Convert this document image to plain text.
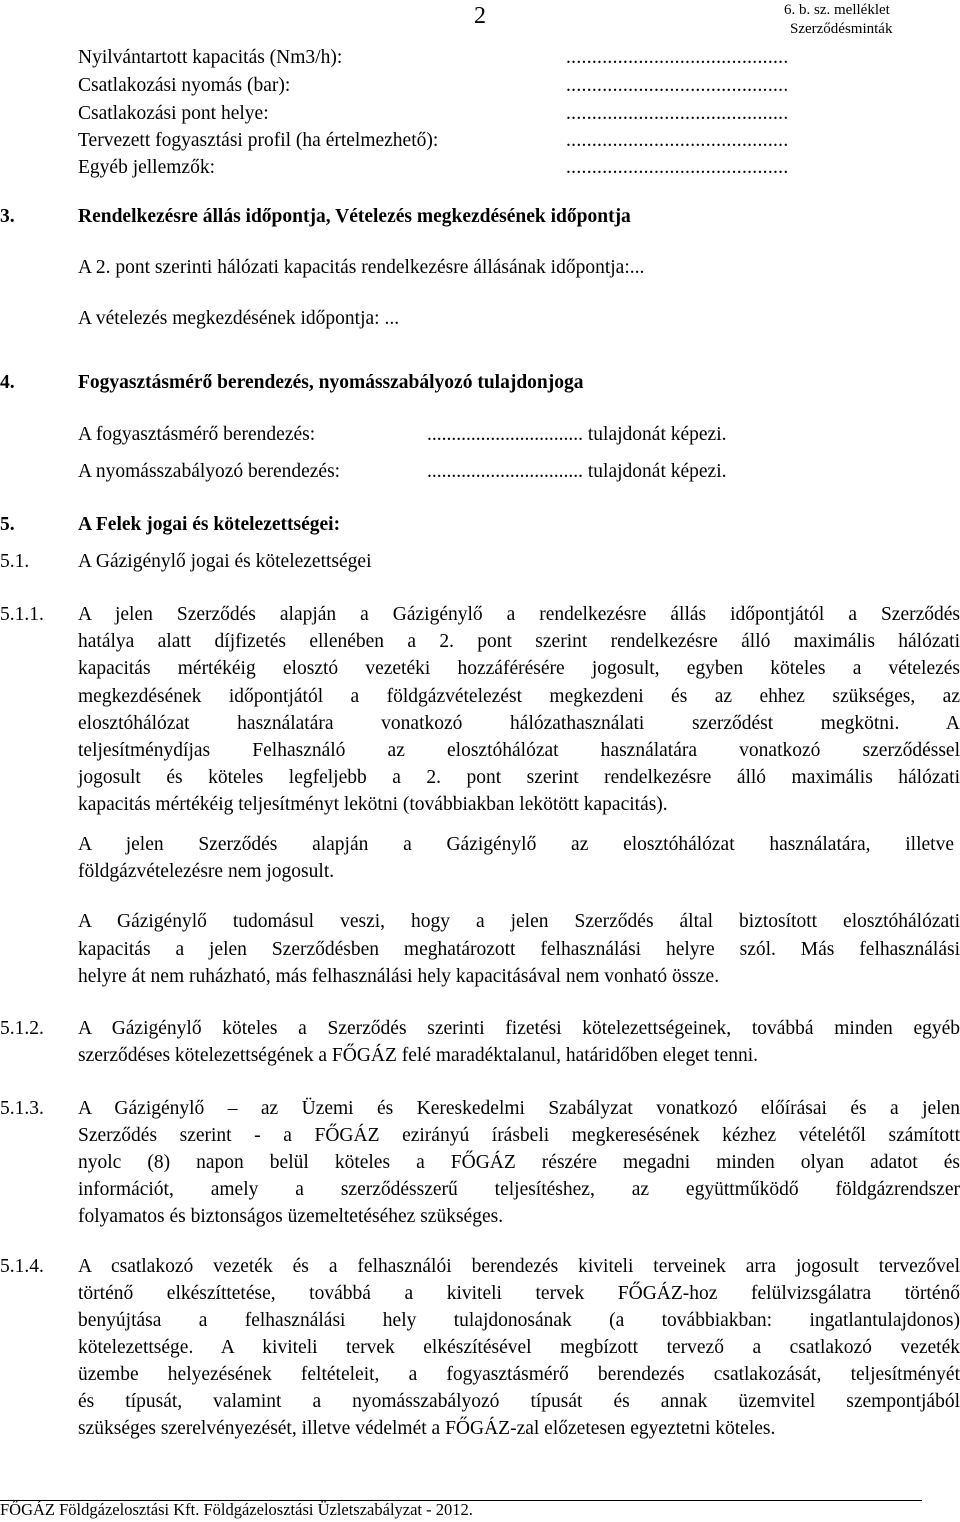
2	6. b. sz. melléklet
Szerződésminták
Nyilvántartott kapacitás (Nm3/h):	...........................................
Csatlakozási nyomás (bar):	...........................................
Csatlakozási pont helye:	...........................................
Tervezett fogyasztási profil (ha értelmezhető):	...........................................
Egyéb jellemzők:	...........................................
3.	Rendelkezésre állás időpontja, Vételezés megkezdésének időpontja
A 2. pont szerinti hálózati kapacitás rendelkezésre állásának időpontja:...
A vételezés megkezdésének időpontja: ...
4.	Fogyasztásmérő berendezés, nyomásszabályozó tulajdonjoga
A fogyasztásmérő berendezés:	................................ tulajdonát képezi.
A nyomásszabályozó berendezés:	................................ tulajdonát képezi.
5.	A Felek jogai és kötelezettségei:
5.1.	A Gázigénylő jogai és kötelezettségei
5.1.1. A jelen Szerződés alapján a Gázigénylő a rendelkezésre állás időpontjától a Szerződés
hatálya alatt díjfizetés ellenében a 2. pont szerint rendelkezésre álló maximális hálózati
kapacitás mértékéig elosztó vezetéki hozzáférésére jogosult, egyben köteles a vételezés
megkezdésének időpontjától a földgázvételezést megkezdeni és az ehhez szükséges, az
elosztóhálózat használatára vonatkozó hálózathasználati szerződést megkötni. A
teljesítménydíjas Felhasználó az elosztóhálózat használatára vonatkozó szerződéssel
jogosult és köteles legfeljebb a 2. pont szerint rendelkezésre álló maximális hálózati
kapacitás mértékéig teljesítményt lekötni (továbbiakban lekötött kapacitás).
A jelen Szerződés alapján a Gázigénylő az elosztóhálózat használatára, illetve
földgázvételezésre nem jogosult.
A Gázigénylő tudomásul veszi, hogy a jelen Szerződés által biztosított elosztóhálózati
kapacitás a jelen Szerződésben meghatározott felhasználási helyre szól. Más felhasználási
helyre át nem ruházható, más felhasználási hely kapacitásával nem vonható össze.
5.1.2. A Gázigénylő köteles a Szerződés szerinti fizetési kötelezettségeinek, továbbá minden egyéb
szerződéses kötelezettségének a FŐGÁZ felé maradéktalanul, határidőben eleget tenni.
5.1.3. A Gázigénylő – az Üzemi és Kereskedelmi Szabályzat vonatkozó előírásai és a jelen
Szerződés szerint - a FŐGÁZ ezirányú írásbeli megkeresésének kézhez vételétől számított
nyolc (8) napon belül köteles a FŐGÁZ részére megadni minden olyan adatot és
információt, amely a szerződésszerű teljesítéshez, az együttműködő földgázrendszer
folyamatos és biztonságos üzemeltetéséhez szükséges.
5.1.4. A csatlakozó vezeték és a felhasználói berendezés kiviteli terveinek arra jogosult tervezővel
történő elkészíttetése, továbbá a kiviteli tervek FŐGÁZ-hoz felülvizsgálatra történő
benyújtása a felhasználási hely tulajdonosának (a továbbiakban: ingatlantulajdonos)
kötelezettsége. A kiviteli tervek elkészítésével megbízott tervező a csatlakozó vezeték
üzembe helyezésének feltételeit, a fogyasztásmérő berendezés csatlakozását, teljesítményét
és típusát, valamint a nyomásszabályozó típusát és annak üzemvitel szempontjából
szükséges szerelvényezését, illetve védelmét a FŐGÁZ-zal előzetesen egyeztetni köteles.
FŐGÁZ Földgázelosztási Kft. Földgázelosztási Üzletszabályzat - 2012.
